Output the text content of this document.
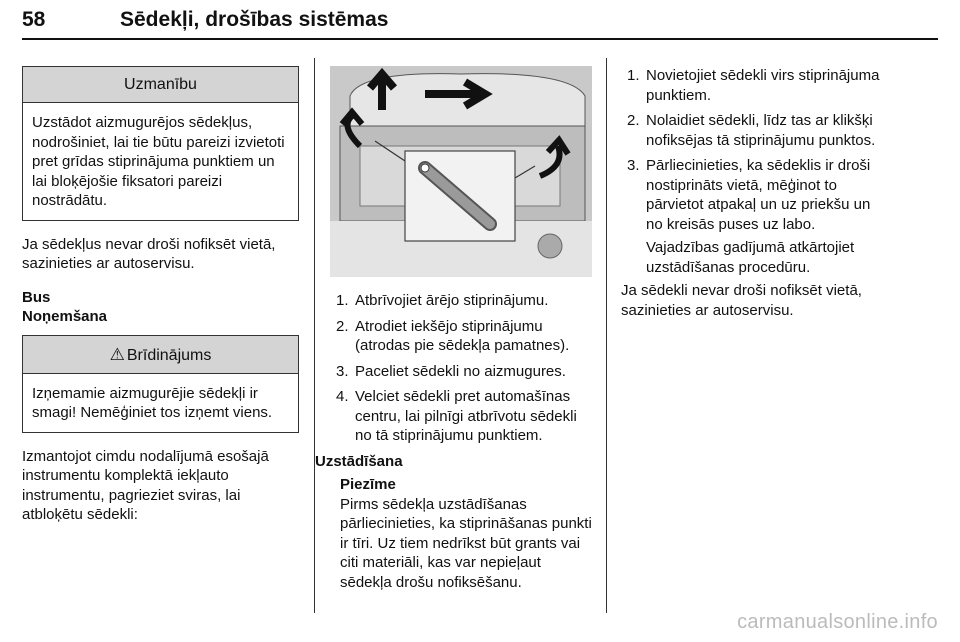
58	Sēdekļi, drošības sistēmas
Uzmanību
Uzstādot aizmugurējos sēdekļus, nodrošiniet, lai tie būtu pareizi izvietoti pret grīdas stiprinājuma punktiem un lai bloķējošie fiksatori pareizi nostrādātu.

Ja sēdekļus nevar droši nofiksēt vietā, sazinieties ar autoservisu.

Bus
Noņemšana
⚠ Brīdinājums
Izņemamie aizmugurējie sēdekļi ir smagi! Nemēģiniet tos izņemt viens.

Izmantojot cimdu nodalījumā esošajā instrumentu komplektā iekļauto instrumentu, pagrieziet sviras, lai atbloķētu sēdekli:

1. Atbrīvojiet ārējo stiprinājumu.
2. Atrodiet iekšējo stiprinājumu (atrodas pie sēdekļa pamatnes).
3. Paceliet sēdekli no aizmugures.
4. Velciet sēdekli pret automašīnas centru, lai pilnīgi atbrīvotu sēdekli no tā stiprinājumu punktiem.
Uzstādīšana
Piezīme

Pirms sēdekļa uzstādīšanas pārliecinieties, ka stiprināšanas punkti ir tīri. Uz tiem nedrīkst būt grants vai citi materiāli, kas var nepieļaut sēdekļa drošu nofiksēšanu.

1. Novietojiet sēdekli virs stiprinājuma punktiem.
2. Nolaidiet sēdekli, līdz tas ar klikšķi nofiksējas tā stiprinājumu punktos.
3. Pārliecinieties, ka sēdeklis ir droši nostiprināts vietā, mēģinot to pārvietot atpakaļ un uz priekšu un no kreisās puses uz labo.
Vajadzības gadījumā atkārtojiet uzstādīšanas procedūru.

Ja sēdekli nevar droši nofiksēt vietā, sazinieties ar autoservisu.

carmanualsonline.info
